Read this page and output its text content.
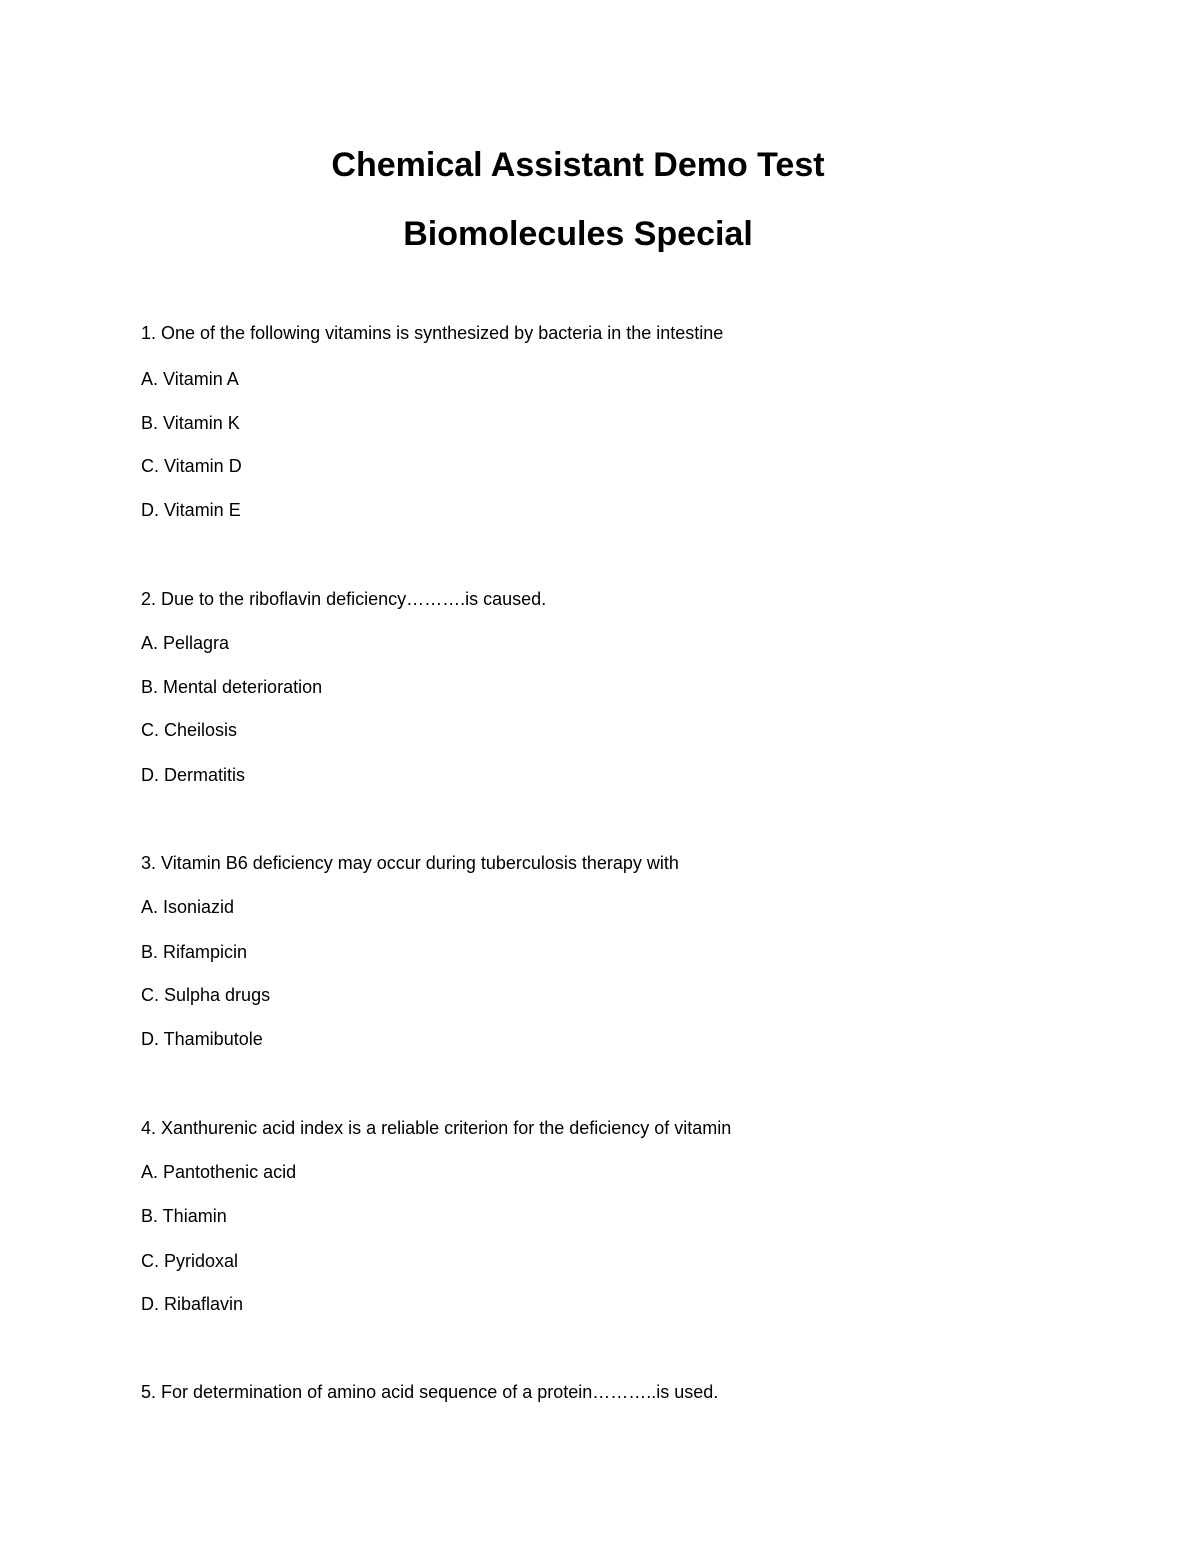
Chemical Assistant Demo Test
Biomolecules Special
1. One of the following vitamins is synthesized by bacteria in the intestine
A. Vitamin A
B. Vitamin K
C. Vitamin D
D. Vitamin E
2. Due to the riboflavin deficiency……….is caused.
A. Pellagra
B. Mental deterioration
C. Cheilosis
D. Dermatitis
3. Vitamin B6 deficiency may occur during tuberculosis therapy with
A. Isoniazid
B. Rifampicin
C. Sulpha drugs
D. Thamibutole
4. Xanthurenic acid index is a reliable criterion for the deficiency of vitamin
A. Pantothenic acid
B. Thiamin
C. Pyridoxal
D. Ribaflavin
5. For determination of amino acid sequence of a protein………..is used.
